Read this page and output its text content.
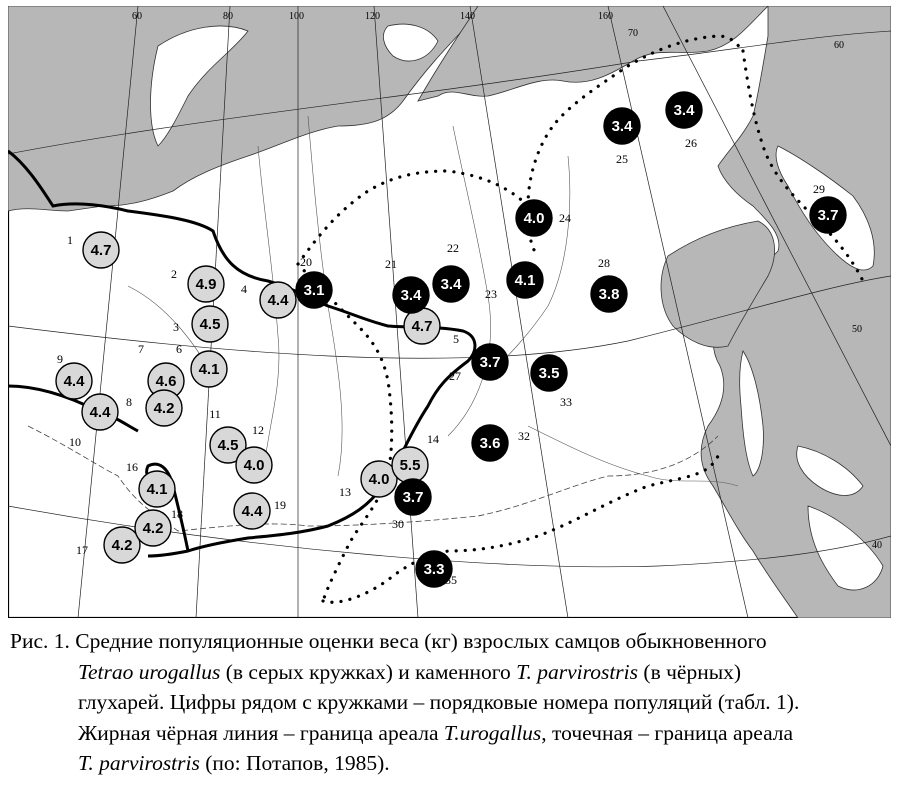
60	80	100	120	140	160
70
60
50
40
4.7
1
4.9
2
4.5
3
4.4
4
4.7
5
4.1
6
4.6
7
4.2
8
4.4
9
4.4
10	4.5
11
4.0
12
4.0
13
5.5
14
4.1
16
4.2
17
4.2
18	4.4 19
3.1
20
3.4
21
3.4
22
4.1
23
4.0 24
3.4
25
3.4
26
3.7
27
3.8
28
3.7
29
3.7
30
3.6 32
3.5
33
3.3
35
Рис. 1. Средние популяционные оценки веса (кг) взрослых самцов обыкновенного
Tetrao urogallus (в серых кружках) и каменного T. parvirostris (в чёрных)
глухарей. Цифры рядом с кружками – порядковые номера популяций (табл. 1).
Жирная чёрная линия – граница ареала T.urogallus, точечная – граница ареала
T. parvirostris (по: Потапов, 1985).
